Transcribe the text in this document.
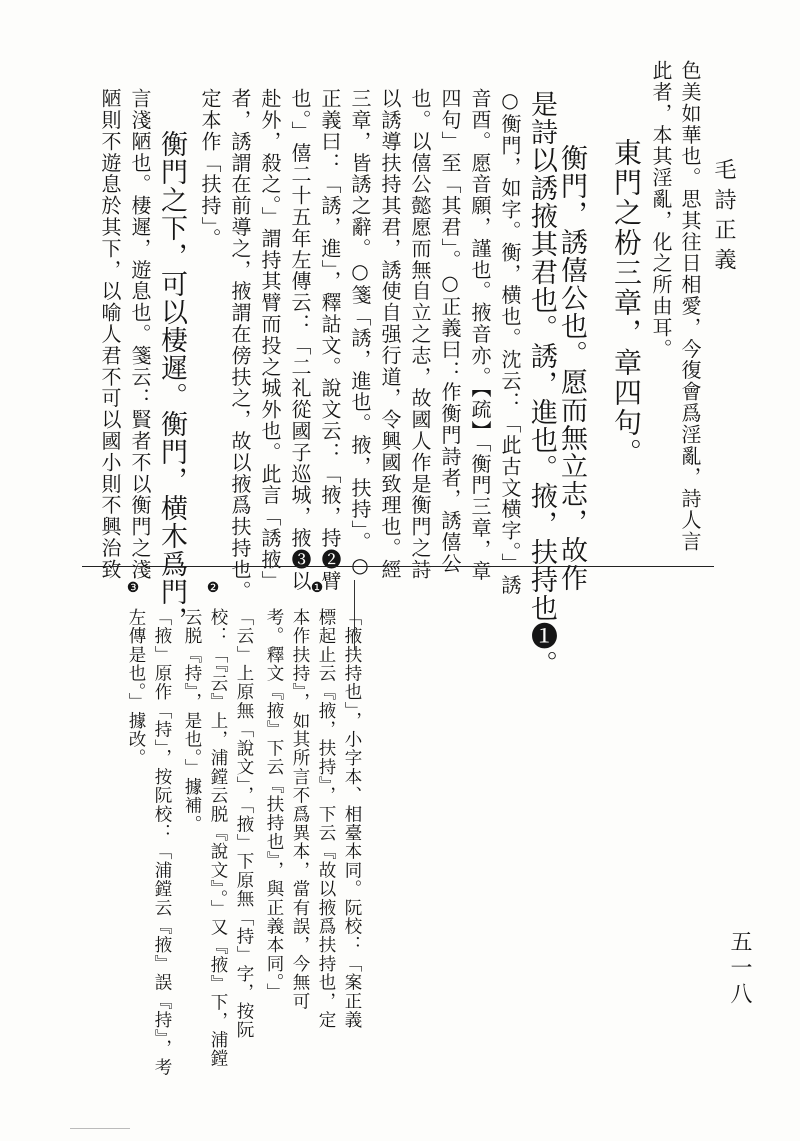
毛詩正義
色美如華也。思其往日相愛，今復會爲淫亂，詩人言
此者，本其淫亂，化之所由耳。
東門之枌三章，章四句。
衡門，誘僖公也。愿而無立志，故作
是詩以誘掖其君也。誘，進也。掖，扶持也❶。
○衡門，如字。衡，横也。沈云：「此古文横字。」誘
音酉。愿音願，謹也。掖音亦。【疏】「衡門三章，章
四句」至「其君」。○正義曰：作衡門詩者，誘僖公
也。以僖公懿愿而無自立之志，故國人作是衡門之詩
以誘導扶持其君，誘使自强行道，令興國致理也。經
三章，皆誘之辭。○箋「誘，進也。掖，扶持」。○
正義曰：「誘，進」，釋詁文。說文云：「掖，持❷臂
也。」僖二十五年左傳云：「二礼從國子巡城，掖❸以
赴外，殺之。」謂持其臂而投之城外也。此言「誘掖」
者，誘謂在前導之，掖謂在傍扶之，故以掖爲扶持也。
定本作「扶持」。
衡門之下，可以棲遲。衡門，横木爲門，
言淺陋也。棲遲，遊息也。箋云：賢者不以衡門之淺
陋則不遊息於其下，以喻人君不可以國小則不興治致
❶
「掖扶持也」，小字本、相臺本同。阮校：「案正義
標起止云『掖，扶持』，下云『故以掖爲扶持也，定
本作扶持』，如其所言不爲異本，當有誤，今無可
考。釋文『掖』下云『扶持也』，與正義本同。」
❷
「云」上原無「說文」，「掖」下原無「持」字，按阮
校：「『云』上，浦鏜云脱『說文』。」又『掖』下，浦鏜
云脱『持』，是也。」據補。
❸
「掖」原作「持」，按阮校：「浦鏜云『掖』誤『持』，考
左傳是也。」據改。
五一八
